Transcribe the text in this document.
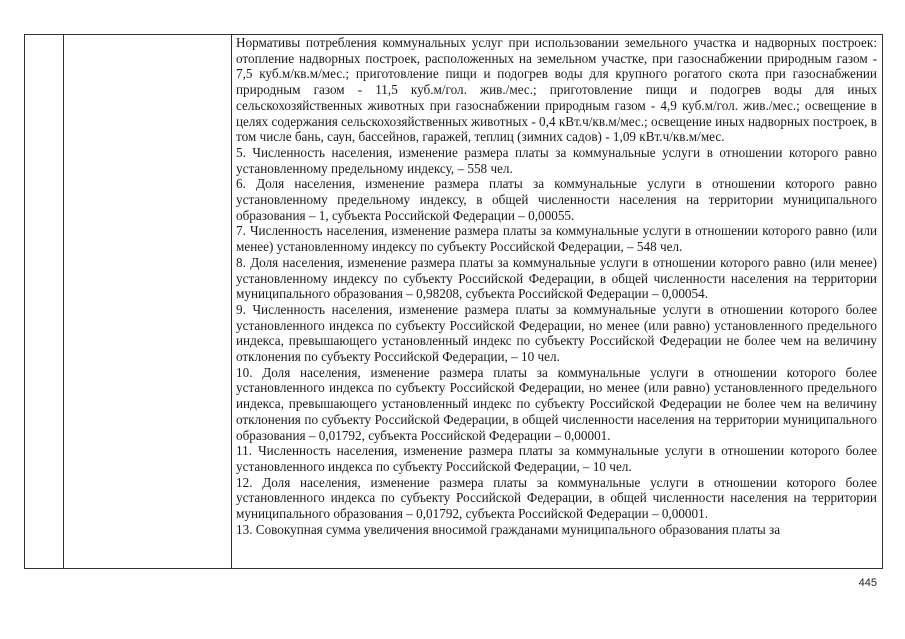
Нормативы потребления коммунальных услуг при использовании земельного участка и надворных построек: отопление надворных построек, расположенных на земельном участке, при газоснабжении природным газом - 7,5 куб.м/кв.м/мес.; приготовление пищи и подогрев воды для крупного рогатого скота при газоснабжении природным газом - 11,5 куб.м/гол. жив./мес.; приготовление пищи и подогрев воды для иных сельскохозяйственных животных при газоснабжении природным газом - 4,9 куб.м/гол. жив./мес.; освещение в целях содержания сельскохозяйственных животных - 0,4 кВт.ч/кв.м/мес.; освещение иных надворных построек, в том числе бань, саун, бассейнов, гаражей, теплиц (зимних садов) - 1,09 кВт.ч/кв.м/мес.

5. Численность населения, изменение размера платы за коммунальные услуги в отношении которого равно установленному предельному индексу, – 558 чел.

6. Доля населения, изменение размера платы за коммунальные услуги в отношении которого равно установленному предельному индексу, в общей численности населения на территории муниципального образования – 1, субъекта Российской Федерации – 0,00055.

7. Численность населения, изменение размера платы за коммунальные услуги в отношении которого равно (или менее) установленному индексу по субъекту Российской Федерации, – 548 чел.

8. Доля населения, изменение размера платы за коммунальные услуги в отношении которого равно (или менее) установленному индексу по субъекту Российской Федерации, в общей численности населения на территории муниципального образования – 0,98208, субъекта Российской Федерации – 0,00054.

9. Численность населения, изменение размера платы за коммунальные услуги в отношении которого более установленного индекса по субъекту Российской Федерации, но менее (или равно) установленного предельного индекса, превышающего установленный индекс по субъекту Российской Федерации не более чем на величину отклонения по субъекту Российской Федерации, – 10 чел.

10. Доля населения, изменение размера платы за коммунальные услуги в отношении которого более установленного индекса по субъекту Российской Федерации, но менее (или равно) установленного предельного индекса, превышающего установленный индекс по субъекту Российской Федерации не более чем на величину отклонения по субъекту Российской Федерации, в общей численности населения на территории муниципального образования – 0,01792, субъекта Российской Федерации – 0,00001.

11. Численность населения, изменение размера платы за коммунальные услуги в отношении которого более установленного индекса по субъекту Российской Федерации, – 10 чел.

12. Доля населения, изменение размера платы за коммунальные услуги в отношении которого более установленного индекса по субъекту Российской Федерации, в общей численности населения на территории муниципального образования – 0,01792, субъекта Российской Федерации – 0,00001.

13. Совокупная сумма увеличения вносимой гражданами муниципального образования платы за

445
